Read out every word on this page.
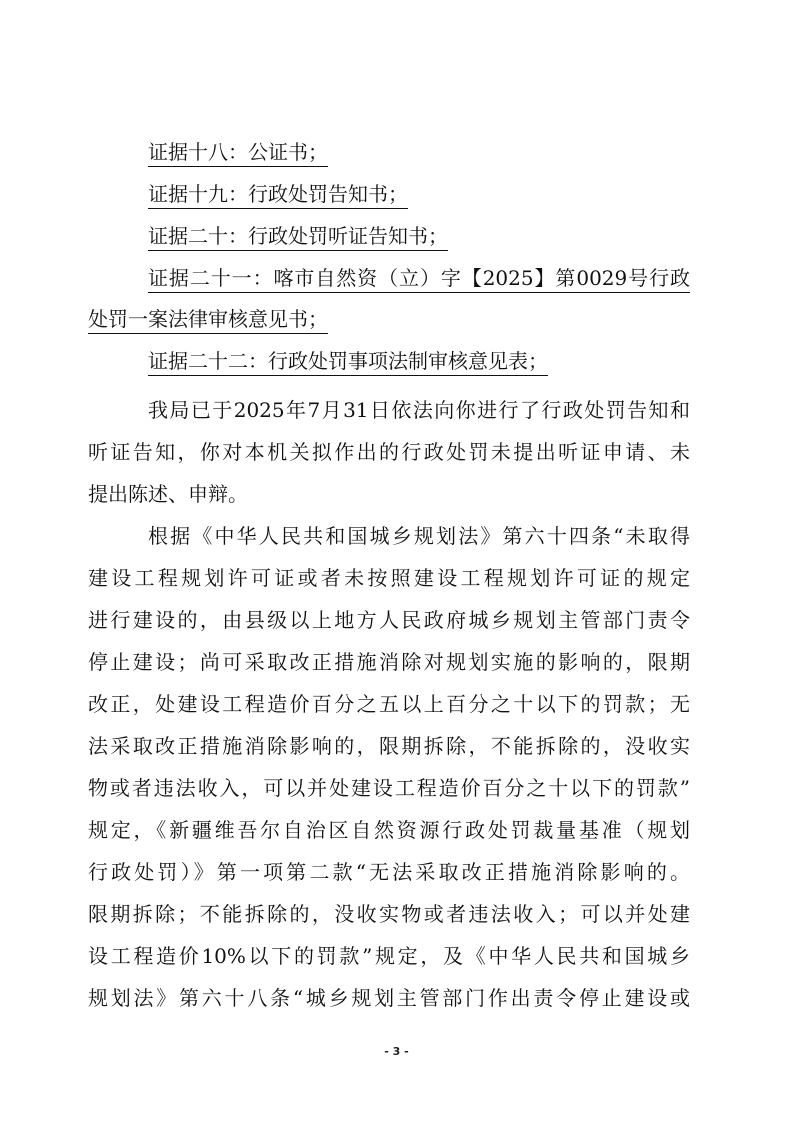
证据十八：公证书；
证据十九：行政处罚告知书；
证据二十：行政处罚听证告知书；
证据二十一：喀市自然资（立）字【2025】第0029号行政
处罚一案法律审核意见书；
证据二十二：行政处罚事项法制审核意见表；
我局已于2025年7月31日依法向你进行了行政处罚告知和
听证告知，你对本机关拟作出的行政处罚未提出听证申请、未
提出陈述、申辩。
根据《中华人民共和国城乡规划法》第六十四条“未取得
建设工程规划许可证或者未按照建设工程规划许可证的规定
进行建设的，由县级以上地方人民政府城乡规划主管部门责令
停止建设；尚可采取改正措施消除对规划实施的影响的，限期
改正，处建设工程造价百分之五以上百分之十以下的罚款；无
法采取改正措施消除影响的，限期拆除，不能拆除的，没收实
物或者违法收入，可以并处建设工程造价百分之十以下的罚款”
规定，《新疆维吾尔自治区自然资源行政处罚裁量基准（规划
行政处罚）》第一项第二款“无法采取改正措施消除影响的。
限期拆除；不能拆除的，没收实物或者违法收入；可以并处建
设工程造价10%以下的罚款”规定，及《中华人民共和国城乡
规划法》第六十八条“城乡规划主管部门作出责令停止建设或
- 3 -
